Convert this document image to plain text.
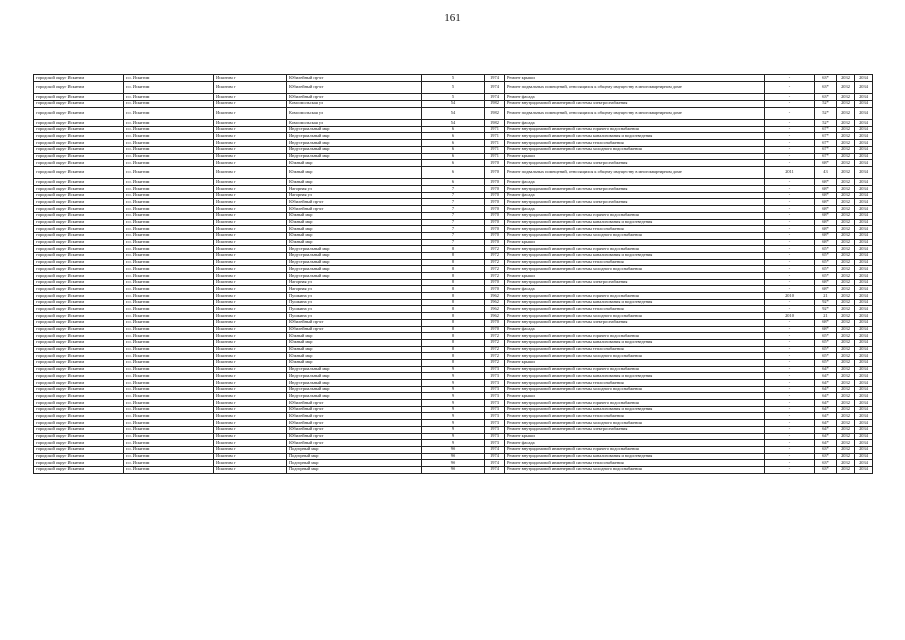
161
городской округ Искитим	г.о. Искитим	Искитим г	Юбилейный пр-кт	5	1974	Ремонт крыши	-	63*	2032	2034
городской округ Искитим	г.о. Искитим	Искитим г	Юбилейный пр-кт	5	1974	Ремонт подвальных помещений, относящихся к общему имуществу в многоквартирном доме	-	63*	2032	2034
городской округ Искитим	г.о. Искитим	Искитим г	Юбилейный пр-кт	5	1974	Ремонт фасада	-	63*	2032	2034
городской округ Искитим	г.о. Искитим	Искитим г	Комсомольская ул	54	1982	Ремонт внутридомовой инженерной системы электроснабжения	-	52*	2032	2034
городской округ Искитим	г.о. Искитим	Искитим г	Комсомольская ул	54	1982	Ремонт подвальных помещений, относящихся к общему имуществу в многоквартирном доме	-	52*	2032	2034
городской округ Искитим	г.о. Искитим	Искитим г	Комсомольская ул	54	1982	Ремонт фасада	-	52*	2032	2034
городской округ Искитим	г.о. Искитим	Искитим г	Индустриальный мкр	6	1971	Ремонт внутридомовой инженерной системы горячего водоснабжения	-	67*	2032	2034
городской округ Искитим	г.о. Искитим	Искитим г	Индустриальный мкр	6	1971	Ремонт внутридомовой инженерной системы канализования и водоотведения	-	67*	2032	2034
городской округ Искитим	г.о. Искитим	Искитим г	Индустриальный мкр	6	1971	Ремонт внутридомовой инженерной системы теплоснабжения	-	67*	2032	2034
городской округ Искитим	г.о. Искитим	Искитим г	Индустриальный мкр	6	1971	Ремонт внутридомовой инженерной системы холодного водоснабжения	-	67*	2032	2034
городской округ Искитим	г.о. Искитим	Искитим г	Индустриальный мкр	6	1971	Ремонт крыши	-	67*	2032	2034
городской округ Искитим	г.о. Искитим	Искитим г	Южный мкр	6	1970	Ремонт внутридомовой инженерной системы электроснабжения	-	68*	2032	2034
городской округ Искитим	г.о. Искитим	Искитим г	Южный мкр	6	1970	Ремонт подвальных помещений, относящихся к общему имуществу в многоквартирном доме	2011	43	2032	2034
городской округ Искитим	г.о. Искитим	Искитим г	Южный мкр	6	1970	Ремонт фасада	-	68*	2032	2034
городской округ Искитим	г.о. Искитим	Искитим г	Нагорная ул	7	1970	Ремонт внутридомовой инженерной системы электроснабжения	-	68*	2032	2034
городской округ Искитим	г.о. Искитим	Искитим г	Нагорная ул	7	1970	Ремонт фасада	-	68*	2032	2034
городской округ Искитим	г.о. Искитим	Искитим г	Юбилейный пр-кт	7	1970	Ремонт внутридомовой инженерной системы электроснабжения	-	68*	2032	2034
городской округ Искитим	г.о. Искитим	Искитим г	Юбилейный пр-кт	7	1970	Ремонт фасада	-	68*	2032	2034
городской округ Искитим	г.о. Искитим	Искитим г	Южный мкр	7	1970	Ремонт внутридомовой инженерной системы горячего водоснабжения	-	68*	2032	2034
городской округ Искитим	г.о. Искитим	Искитим г	Южный мкр	7	1970	Ремонт внутридомовой инженерной системы канализования и водоотведения	-	68*	2032	2034
городской округ Искитим	г.о. Искитим	Искитим г	Южный мкр	7	1970	Ремонт внутридомовой инженерной системы теплоснабжения	-	68*	2032	2034
городской округ Искитим	г.о. Искитим	Искитим г	Южный мкр	7	1970	Ремонт внутридомовой инженерной системы холодного водоснабжения	-	68*	2032	2034
городской округ Искитим	г.о. Искитим	Искитим г	Южный мкр	7	1970	Ремонт крыши	-	68*	2032	2034
городской округ Искитим	г.о. Искитим	Искитим г	Индустриальный мкр	8	1972	Ремонт внутридомовой инженерной системы горячего водоснабжения	-	65*	2032	2034
городской округ Искитим	г.о. Искитим	Искитим г	Индустриальный мкр	8	1972	Ремонт внутридомовой инженерной системы канализования и водоотведения	-	65*	2032	2034
городской округ Искитим	г.о. Искитим	Искитим г	Индустриальный мкр	8	1972	Ремонт внутридомовой инженерной системы теплоснабжения	-	65*	2032	2034
городской округ Искитим	г.о. Искитим	Искитим г	Индустриальный мкр	8	1972	Ремонт внутридомовой инженерной системы холодного водоснабжения	-	65*	2032	2034
городской округ Искитим	г.о. Искитим	Искитим г	Индустриальный мкр	8	1972	Ремонт крыши	-	65*	2032	2034
городской округ Искитим	г.о. Искитим	Искитим г	Нагорная ул	8	1970	Ремонт внутридомовой инженерной системы электроснабжения	-	68*	2032	2034
городской округ Искитим	г.о. Искитим	Искитим г	Нагорная ул	8	1970	Ремонт фасада	-	68*	2032	2034
городской округ Искитим	г.о. Искитим	Искитим г	Пушкина ул	8	1962	Ремонт внутридомовой инженерной системы горячего водоснабжения	2010	21	2032	2034
городской округ Искитим	г.о. Искитим	Искитим г	Пушкина ул	8	1962	Ремонт внутридомовой инженерной системы канализования и водоотведения	-	92*	2032	2034
городской округ Искитим	г.о. Искитим	Искитим г	Пушкина ул	8	1962	Ремонт внутридомовой инженерной системы теплоснабжения	-	92*	2032	2034
городской округ Искитим	г.о. Искитим	Искитим г	Пушкина ул	8	1962	Ремонт внутридомовой инженерной системы холодного водоснабжения	2010	21	2032	2034
городской округ Искитим	г.о. Искитим	Искитим г	Юбилейный пр-кт	8	1970	Ремонт внутридомовой инженерной системы электроснабжения	-	68*	2032	2034
городской округ Искитим	г.о. Искитим	Искитим г	Юбилейный пр-кт	8	1970	Ремонт фасада	-	68*	2032	2034
городской округ Искитим	г.о. Искитим	Искитим г	Южный мкр	8	1972	Ремонт внутридомовой инженерной системы горячего водоснабжения	-	65*	2032	2034
городской округ Искитим	г.о. Искитим	Искитим г	Южный мкр	8	1972	Ремонт внутридомовой инженерной системы канализования и водоотведения	-	65*	2032	2034
городской округ Искитим	г.о. Искитим	Искитим г	Южный мкр	8	1972	Ремонт внутридомовой инженерной системы теплоснабжения	-	65*	2032	2034
городской округ Искитим	г.о. Искитим	Искитим г	Южный мкр	8	1972	Ремонт внутридомовой инженерной системы холодного водоснабжения	-	65*	2032	2034
городской округ Искитим	г.о. Искитим	Искитим г	Южный мкр	8	1972	Ремонт крыши	-	65*	2032	2034
городской округ Искитим	г.о. Искитим	Искитим г	Индустриальный мкр	9	1973	Ремонт внутридомовой инженерной системы горячего водоснабжения	-	64*	2032	2034
городской округ Искитим	г.о. Искитим	Искитим г	Индустриальный мкр	9	1973	Ремонт внутридомовой инженерной системы канализования и водоотведения	-	64*	2032	2034
городской округ Искитим	г.о. Искитим	Искитим г	Индустриальный мкр	9	1973	Ремонт внутридомовой инженерной системы теплоснабжения	-	64*	2032	2034
городской округ Искитим	г.о. Искитим	Искитим г	Индустриальный мкр	9	1973	Ремонт внутридомовой инженерной системы холодного водоснабжения	-	64*	2032	2034
городской округ Искитим	г.о. Искитим	Искитим г	Индустриальный мкр	9	1973	Ремонт крыши	-	64*	2032	2034
городской округ Искитим	г.о. Искитим	Искитим г	Юбилейный пр-кт	9	1973	Ремонт внутридомовой инженерной системы горячего водоснабжения	-	64*	2032	2034
городской округ Искитим	г.о. Искитим	Искитим г	Юбилейный пр-кт	9	1973	Ремонт внутридомовой инженерной системы канализования и водоотведения	-	64*	2032	2034
городской округ Искитим	г.о. Искитим	Искитим г	Юбилейный пр-кт	9	1973	Ремонт внутридомовой инженерной системы теплоснабжения	-	64*	2032	2034
городской округ Искитим	г.о. Искитим	Искитим г	Юбилейный пр-кт	9	1973	Ремонт внутридомовой инженерной системы холодного водоснабжения	-	64*	2032	2034
городской округ Искитим	г.о. Искитим	Искитим г	Юбилейный пр-кт	9	1973	Ремонт внутридомовой инженерной системы электроснабжения	-	64*	2032	2034
городской округ Искитим	г.о. Искитим	Искитим г	Юбилейный пр-кт	9	1973	Ремонт крыши	-	64*	2032	2034
городской округ Искитим	г.о. Искитим	Искитим г	Юбилейный пр-кт	9	1973	Ремонт фасада	-	64*	2032	2034
городской округ Искитим	г.о. Искитим	Искитим г	Подгорный мкр	9б	1974	Ремонт внутридомовой инженерной системы горячего водоснабжения	-	63*	2032	2034
городской округ Искитим	г.о. Искитим	Искитим г	Подгорный мкр	9б	1974	Ремонт внутридомовой инженерной системы канализования и водоотведения	-	63*	2032	2034
городской округ Искитим	г.о. Искитим	Искитим г	Подгорный мкр	9б	1974	Ремонт внутридомовой инженерной системы теплоснабжения	-	63*	2032	2034
городской округ Искитим	г.о. Искитим	Искитим г	Подгорный мкр	9б	1974	Ремонт внутридомовой инженерной системы холодного водоснабжения	-	63*	2032	2034
